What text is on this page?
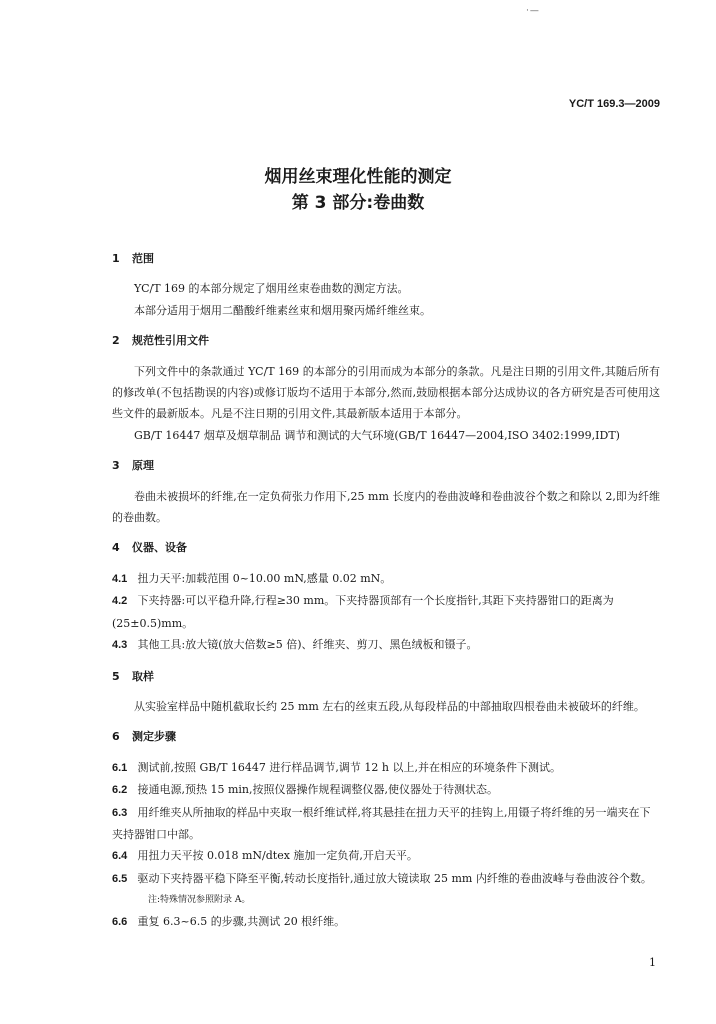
·—
YC/T 169.3—2009
烟用丝束理化性能的测定
第 3 部分:卷曲数

1 范围

YC/T 169 的本部分规定了烟用丝束卷曲数的测定方法。

本部分适用于烟用二醋酸纤维素丝束和烟用聚丙烯纤维丝束。

2 规范性引用文件

下列文件中的条款通过 YC/T 169 的本部分的引用而成为本部分的条款。凡是注日期的引用文件,其随后所有的修改单(不包括勘误的内容)或修订版均不适用于本部分,然而,鼓励根据本部分达成协议的各方研究是否可使用这些文件的最新版本。凡是不注日期的引用文件,其最新版本适用于本部分。

GB/T 16447 烟草及烟草制品 调节和测试的大气环境(GB/T 16447—2004,ISO 3402:1999,IDT)

3 原理

卷曲未被损坏的纤维,在一定负荷张力作用下,25 mm 长度内的卷曲波峰和卷曲波谷个数之和除以 2,即为纤维的卷曲数。

4 仪器、设备

4.1 扭力天平:加载范围 0~10.00 mN,感量 0.02 mN。

4.2 下夹持器:可以平稳升降,行程≥30 mm。下夹持器顶部有一个长度指针,其距下夹持器钳口的距离为(25±0.5)mm。

4.3 其他工具:放大镜(放大倍数≥5 倍)、纤维夹、剪刀、黑色绒板和镊子。

5 取样

从实验室样品中随机截取长约 25 mm 左右的丝束五段,从每段样品的中部抽取四根卷曲未被破坏的纤维。

6 测定步骤

6.1 测试前,按照 GB/T 16447 进行样品调节,调节 12 h 以上,并在相应的环境条件下测试。

6.2 接通电源,预热 15 min,按照仪器操作规程调整仪器,使仪器处于待测状态。

6.3 用纤维夹从所抽取的样品中夹取一根纤维试样,将其悬挂在扭力天平的挂钩上,用镊子将纤维的另一端夹在下夹持器钳口中部。

6.4 用扭力天平按 0.018 mN/dtex 施加一定负荷,开启天平。

6.5 驱动下夹持器平稳下降至平衡,转动长度指针,通过放大镜读取 25 mm 内纤维的卷曲波峰与卷曲波谷个数。

注:特殊情况参照附录 A。

6.6 重复 6.3~6.5 的步骤,共测试 20 根纤维。

1
